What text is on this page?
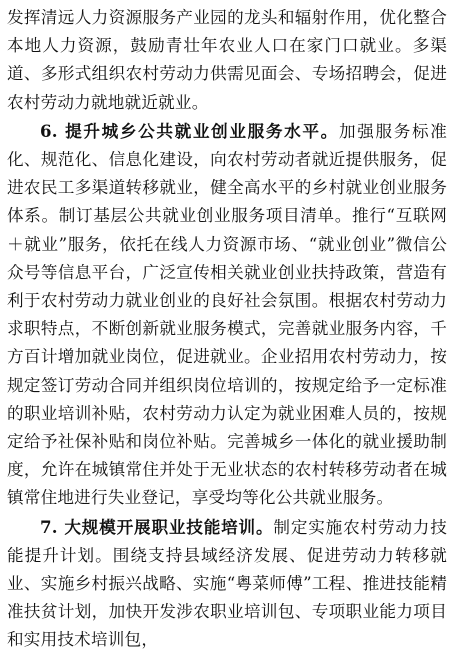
发挥清远人力资源服务产业园的龙头和辐射作用，优化整合本地人力资源，鼓励青壮年农业人口在家门口就业。多渠道、多形式组织农村劳动力供需见面会、专场招聘会，促进农村劳动力就地就近就业。

6. 提升城乡公共就业创业服务水平。加强服务标准化、规范化、信息化建设，向农村劳动者就近提供服务，促进农民工多渠道转移就业，健全高水平的乡村就业创业服务体系。制订基层公共就业创业服务项目清单。推行“互联网＋就业”服务，依托在线人力资源市场、“就业创业”微信公众号等信息平台，广泛宣传相关就业创业扶持政策，营造有利于农村劳动力就业创业的良好社会氛围。根据农村劳动力求职特点，不断创新就业服务模式，完善就业服务内容，千方百计增加就业岗位，促进就业。企业招用农村劳动力，按规定签订劳动合同并组织岗位培训的，按规定给予一定标准的职业培训补贴，农村劳动力认定为就业困难人员的，按规定给予社保补贴和岗位补贴。完善城乡一体化的就业援助制度，允许在城镇常住并处于无业状态的农村转移劳动者在城镇常住地进行失业登记，享受均等化公共就业服务。

7. 大规模开展职业技能培训。制定实施农村劳动力技能提升计划。围绕支持县域经济发展、促进劳动力转移就业、实施乡村振兴战略、实施“粤菜师傅”工程、推进技能精准扶贫计划，加快开发涉农职业培训包、专项职业能力项目和实用技术培训包，
